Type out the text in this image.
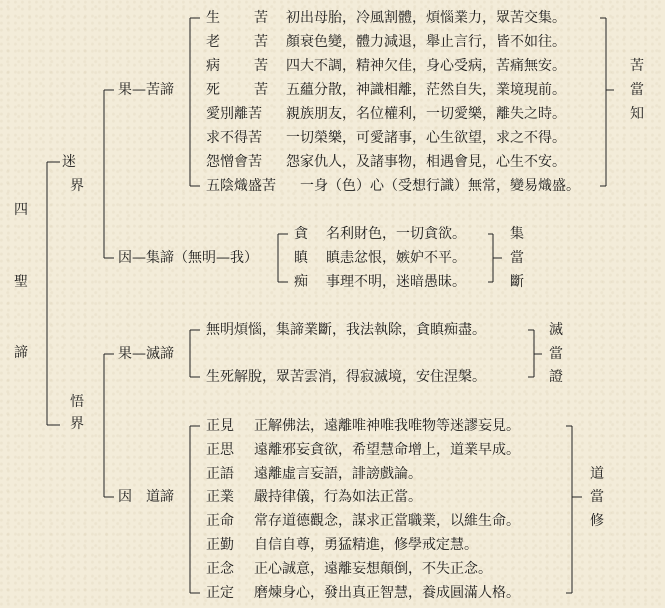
四
聖
諦
迷
界
悟
界
果—苦諦
因—集諦（無明—我）
果—滅諦
因　道諦
生 苦 初出母胎，冷風割體，煩惱業力，眾苦交集。
老 苦 顏衰色變，體力減退，舉止言行，皆不如往。
病 苦 四大不調，精神欠佳，身心受病，苦痛無安。
死 苦 五蘊分散，神識相離，茫然自失，業境現前。
愛別離苦 親族朋友，名位權利，一切愛樂，離失之時。
求不得苦 一切榮樂，可愛諸事，心生欲望，求之不得。
怨憎會苦 怨家仇人，及諸事物，相遇會見，心生不安。
五陰熾盛苦 一身（色）心（受想行識）無常，變易熾盛。
苦
當
知
貪 名利財色，一切貪欲。
瞋 瞋恚忿恨，嫉妒不平。
痴 事理不明，迷暗愚昧。
集
當
斷
無明煩惱，集諦業斷，我法執除，貪瞋痴盡。
生死解脫，眾苦雲消，得寂滅境，安住涅槃。
滅
當
證
正見 正解佛法，遠離唯神唯我唯物等迷謬妄見。
正思 遠離邪妄貪欲，希望慧命增上，道業早成。
正語 遠離虛言妄語，誹謗戲論。
正業 嚴持律儀，行為如法正當。
正命 常存道德觀念，謀求正當職業，以維生命。
正勤 自信自尊，勇猛精進，修學戒定慧。
正念 正心誠意，遠離妄想顛倒，不失正念。
正定 磨煉身心，發出真正智慧，養成圓滿人格。
道
當
修
